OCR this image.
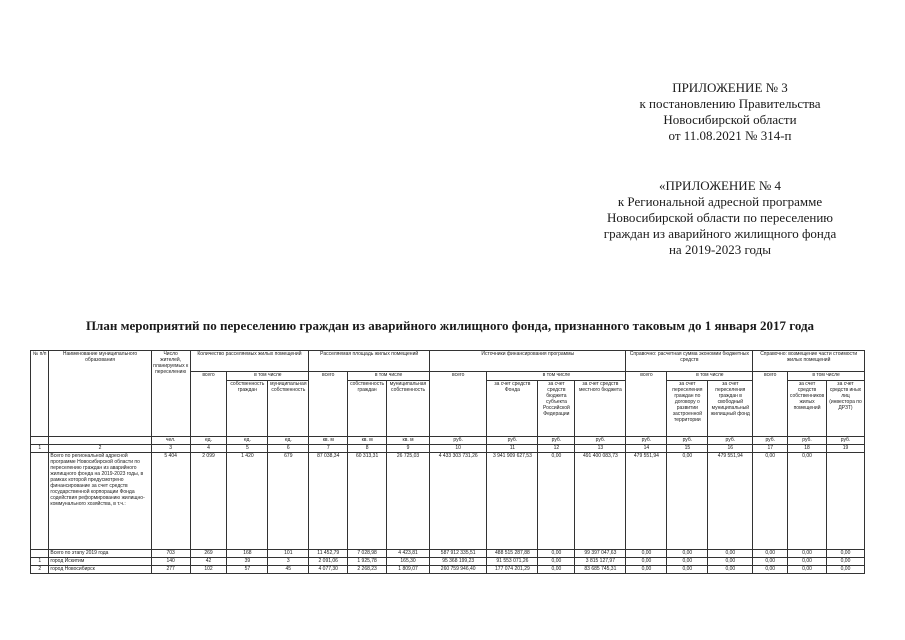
ПРИЛОЖЕНИЕ № 3
к постановлению Правительства
Новосибирской области
от 11.08.2021 № 314-п
«ПРИЛОЖЕНИЕ № 4
к Региональной адресной программе
Новосибирской области по переселению
граждан из аварийного жилищного фонда
на 2019-2023 годы
План мероприятий по переселению граждан из аварийного жилищного фонда, признанного таковым до 1 января 2017 года
№ п/п	Наименование муниципального образования	Число жителей, планируемых к переселению	Количество расселяемых жилых помещений			Расселяемая площадь жилых помещений			Источники финансирования программы				Справочно: расчетная сумма экономии бюджетных средств			Справочно: возмещение части стоимости жилых помещений		
			всего	в том числе		всего	в том числе		всего	в том числе			всего	в том числе		всего	в том числе	
				собственность граждан	муниципальная собственность		собственность граждан	муниципальная собственность		за счет средств Фонда	за счет средств бюджета субъекта Российской Федерации	за счет средств местного бюджета		за счет переселения граждан по договору о развитии застроенной территории	за счет переселения граждан в свободный муниципальный жилищный фонд		за счет средств собственников жилых помещений	за счет средств иных лиц (инвестора по ДРЗТ)
		чел.	ед.	ед.	ед.	кв. м	кв. м	кв. м	руб.	руб.	руб.	руб.	руб.	руб.	руб.	руб.	руб.	руб.
1	2	3	4	5	6	7	8	9	10	11	12	13	14	15	16	17	18	19
	Всего по региональной адресной программе Новосибирской области по переселению граждан из аварийного жилищного фонда на 2019-2023 годы, в рамках которой предусмотрено финансирование за счет средств государственной корпорации Фонда содействия реформированию жилищно-коммунального хозяйства, в т.ч.:	5 404	2 099	1 420	679	87 038,34	60 313,31	26 725,03	4 433 303 731,26	3 941 909 627,53	0,00	491 400 083,73	479 551,94	0,00	479 551,94	0,00	0,00	
	Всего по этапу 2019 года	703	269	168	101	11 452,79	7 028,98	4 423,81	587 912 335,51	488 515 287,88	0,00	99 397 047,63	0,00	0,00	0,00	0,00	0,00	0,00
1	город Искитим	140	42	39	3	2 091,06	1 925,78	165,30	95 368 199,23	91 553 071,26	0,00	3 815 127,97	0,00	0,00	0,00	0,00	0,00	0,00
2	город Новосибирск	277	102	57	45	4 077,30	2 268,23	1 809,07	260 759 946,40	177 074 201,29	0,00	83 685 745,31	0,00	0,00	0,00	0,00	0,00	0,00
